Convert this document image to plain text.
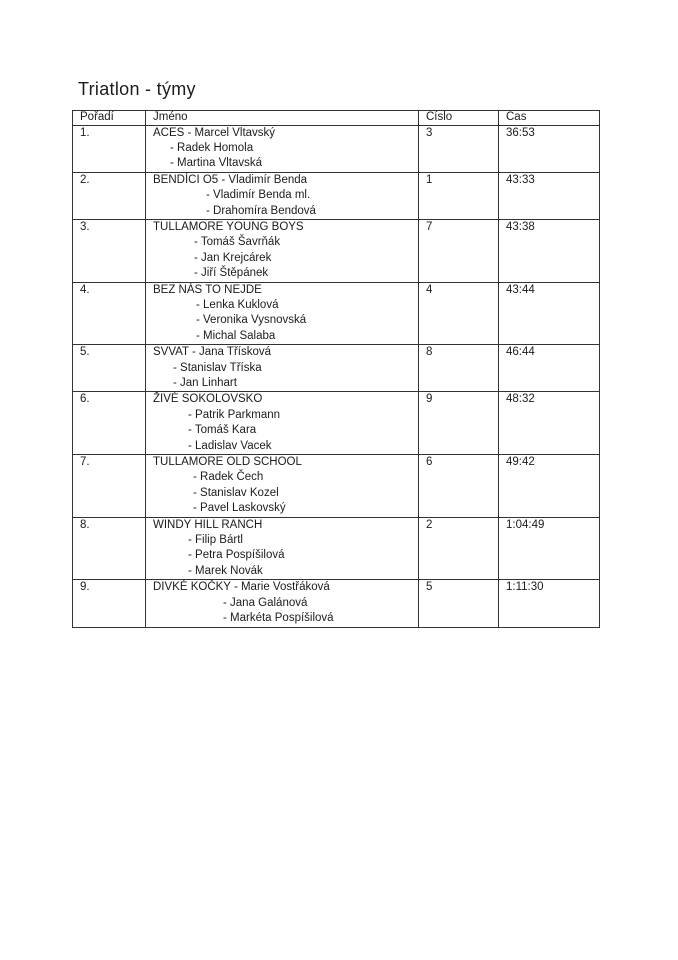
Triatlon - týmy
Pořadí	Jméno	Číslo	Čas
1.	ACES - Marcel Vltavský
- Radek Homola
- Martina Vltavská	3	36:53
2.	BENDÍCI O5 - Vladimír Benda
- Vladimír Benda ml.
- Drahomíra Bendová	1	43:33
3.	TULLAMORE YOUNG BOYS
- Tomáš Šavrňák
- Jan Krejcárek
- Jiří Štěpánek	7	43:38
4.	BEZ NÁS TO NEJDE
- Lenka Kuklová
- Veronika Vysnovská
- Michal Salaba	4	43:44
5.	SVVAT - Jana Třísková
- Stanislav Tříska
- Jan Linhart	8	46:44
6.	ŽIVÉ SOKOLOVSKO
- Patrik Parkmann
- Tomáš Kara
- Ladislav Vacek	9	48:32
7.	TULLAMORE OLD SCHOOL
- Radek Čech
- Stanislav Kozel
- Pavel Laskovský	6	49:42
8.	WINDY HILL RANCH
- Filip Bártl
- Petra Pospíšilová
- Marek Novák	2	1:04:49
9.	DIVKÉ KOČKY - Marie Vostřáková
- Jana Galánová
- Markéta Pospíšilová	5	1:11:30
